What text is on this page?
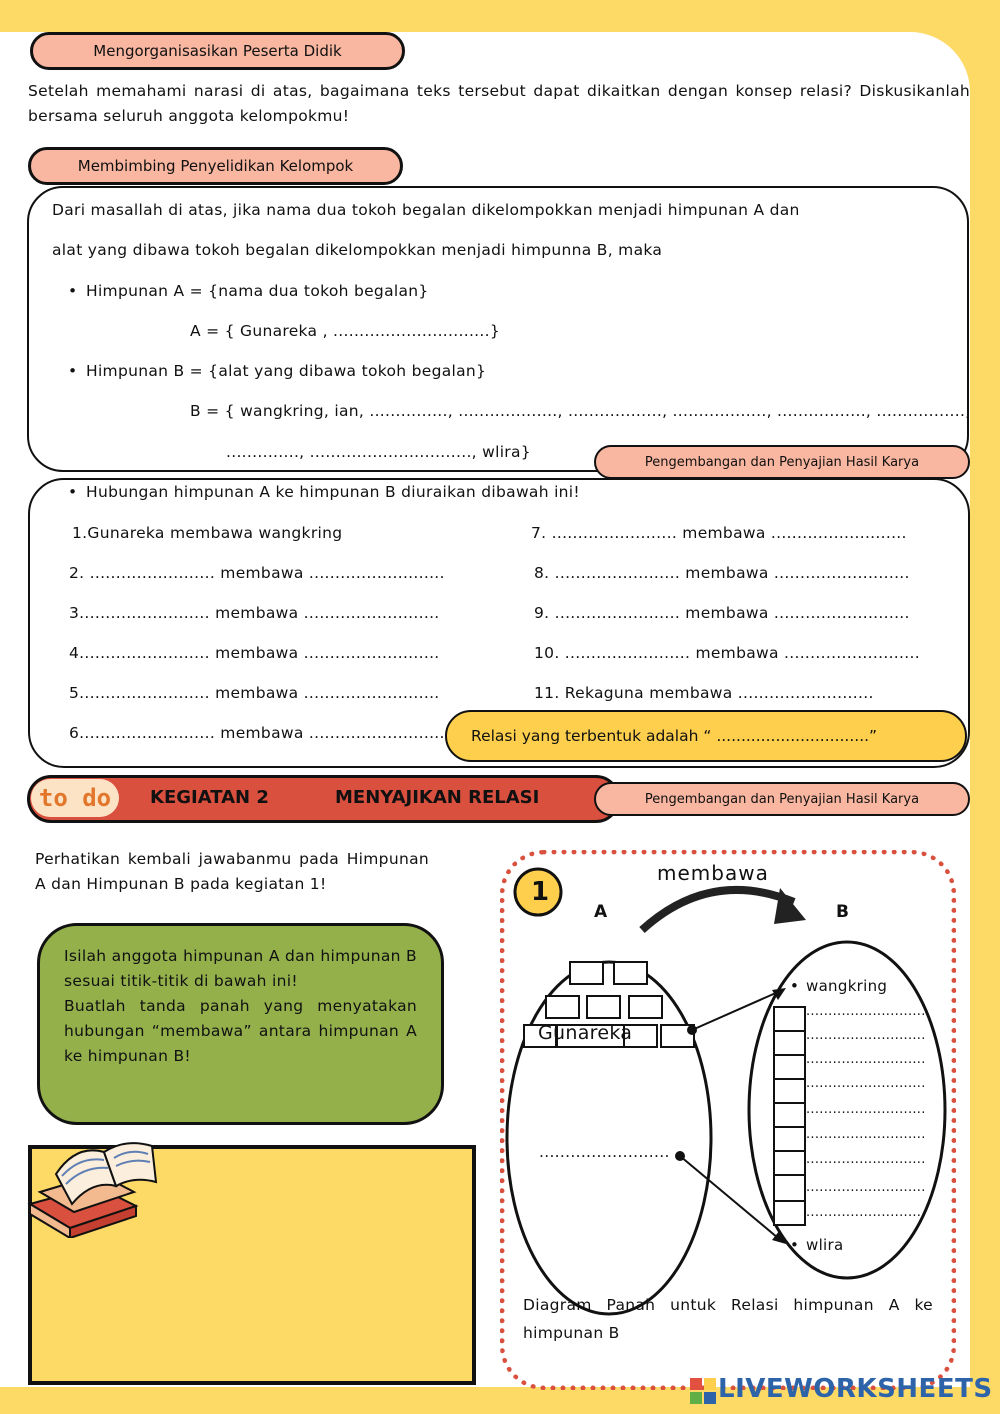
Mengorganisasikan Peserta Didik
Setelah memahami narasi di atas, bagaimana teks tersebut dapat dikaitkan dengan konsep relasi? Diskusikanlah bersama seluruh anggota kelompokmu!
Membimbing Penyelidikan Kelompok
Dari masallah di atas, jika nama dua tokoh begalan dikelompokkan menjadi himpunan A dan
alat yang dibawa tokoh begalan dikelompokkan menjadi himpunna B, maka
• Himpunan A = {nama dua tokoh begalan}
A = { Gunareka , ..............................}
• Himpunan B = {alat yang dibawa tokoh begalan}
B = { wangkring, ian, ..............., ..................., .................., .................., ................., .................,
.............., ..............................., wlira}
Pengembangan dan Penyajian Hasil Karya
• Hubungan himpunan A ke himpunan B diuraikan dibawah ini!
1.Gunareka membawa wangkring
2. ........................ membawa ..........................
3......................... membawa ..........................
4......................... membawa ..........................
5......................... membawa ..........................
6.......................... membawa ..........................
7. ........................ membawa ..........................
8. ........................ membawa ..........................
9. ........................ membawa ..........................
10. ........................ membawa ..........................
11. Rekaguna membawa ..........................
Relasi yang terbentuk adalah “ ...............................”
to do	KEGIATAN 2	MENYAJIKAN RELASI	Pengembangan dan Penyajian Hasil Karya
Perhatikan kembali jawabanmu pada Himpunan A dan Himpunan B pada kegiatan 1!
Isilah anggota himpunan A dan himpunan B sesuai titik-titik di bawah ini!
Buatlah tanda panah yang menyatakan hubungan “membawa” antara himpunan A ke himpunan B!
1
membawa
A	B
Gunareka
.........................
wangkring
...........................
...........................
...........................
...........................
...........................
...........................
...........................
...........................
...........................
wlira
•
•
Diagram Panah untuk Relasi himpunan A ke himpunan B
LIVEWORKSHEETS
